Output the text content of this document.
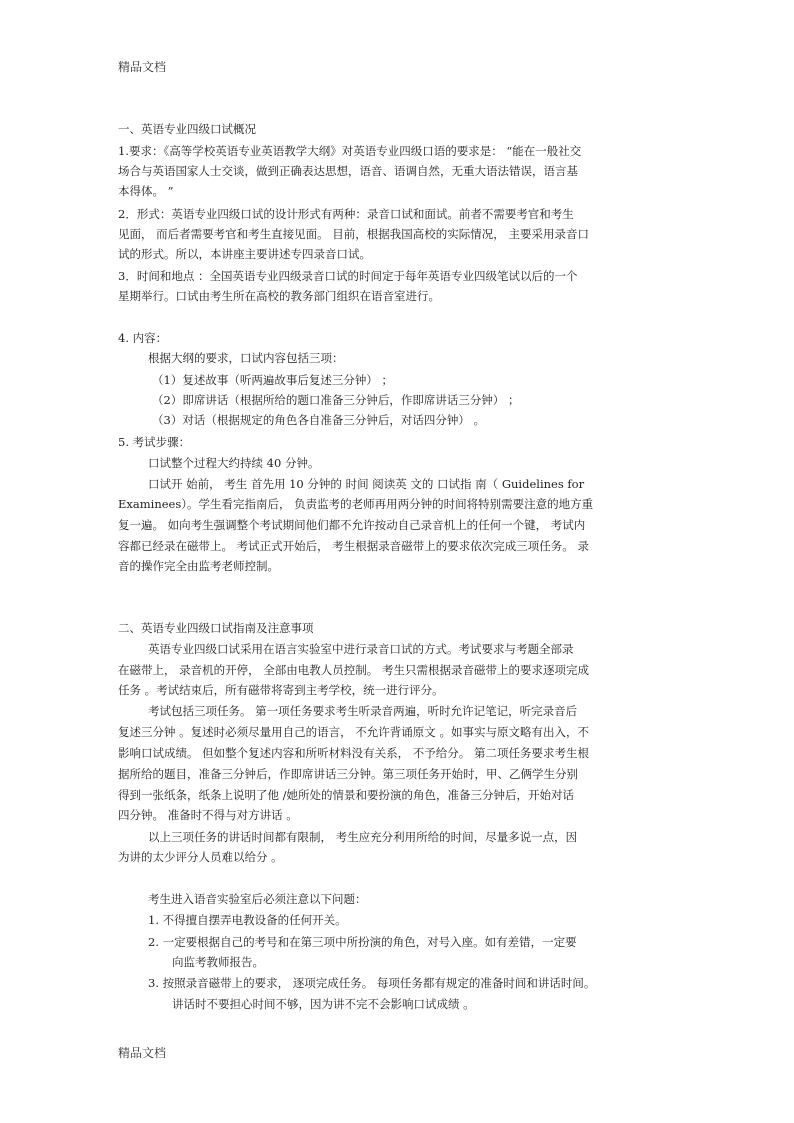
精品文档
一、英语专业四级口试概况
1.要求：《高等学校英语专业英语教学大纲》对英语专业四级口语的要求是： “能在一般社交
场合与英语国家人士交谈，做到正确表达思想，语音、语调自然，无重大语法错误，语言基
本得体。 ”
2．形式：英语专业四级口试的设计形式有两种：录音口试和面试。前者不需要考官和考生
见面， 而后者需要考官和考生直接见面。 目前，根据我国高校的实际情况， 主要采用录音口
试的形式。所以，本讲座主要讲述专四录音口试。
3．时间和地点 ：全国英语专业四级录音口试的时间定于每年英语专业四级笔试以后的一个
星期举行。口试由考生所在高校的教务部门组织在语音室进行。
4. 内容：
根据大纲的要求，口试内容包括三项：
（1）复述故事（听两遍故事后复述三分钟） ；
（2）即席讲话（根据所给的题口准备三分钟后，作即席讲话三分钟） ；
（3）对话（根据规定的角色各自准备三分钟后，对话四分钟） 。
5. 考试步骤：
口试整个过程大约持续 40 分钟。
口试开 始前， 考生 首先用 10 分钟的 时间 阅读英 文的 口试指 南（ Guidelines for
Examinees）。学生看完指南后， 负责监考的老师再用两分钟的时间将特别需要注意的地方重
复一遍。 如向考生强调整个考试期间他们都不允许按动自己录音机上的任何一个键， 考试内
容都已经录在磁带上。 考试正式开始后， 考生根据录音磁带上的要求依次完成三项任务。 录
音的操作完全由监考老师控制。
二、英语专业四级口试指南及注意事项
英语专业四级口试采用在语言实验室中进行录音口试的方式。考试要求与考题全部录
在磁带上， 录音机的开停， 全部由电教人员控制。 考生只需根据录音磁带上的要求逐项完成
任务 。考试结束后，所有磁带将寄到主考学校，统一进行评分。
考试包括三项任务。 第一项任务要求考生听录音两遍，听时允许记笔记，听完录音后
复述三分钟 。复述时必须尽量用自己的语言， 不允许背诵原文 。如事实与原文略有出入，不
影响口试成绩。 但如整个复述内容和所听材料没有关系， 不予给分。 第二项任务要求考生根
据所给的题目，准备三分钟后，作即席讲话三分钟。第三项任务开始时，甲、乙俩学生分别
得到一张纸条，纸条上说明了他 /她所处的情景和要扮演的角色，准备三分钟后，开始对话
四分钟。 准备时不得与对方讲话 。
以上三项任务的讲话时间都有限制， 考生应充分利用所给的时间，尽量多说一点，因
为讲的太少评分人员难以给分 。
考生进入语音实验室后必须注意以下问题：
1. 不得擅自摆弄电教设备的任何开关。
2. 一定要根据自己的考号和在第三项中所扮演的角色，对号入座。如有差错，一定要
向监考教师报告。
3. 按照录音磁带上的要求， 逐项完成任务。 每项任务都有规定的准备时间和讲话时间。
讲话时不要担心时间不够，因为讲不完不会影响口试成绩 。
精品文档
